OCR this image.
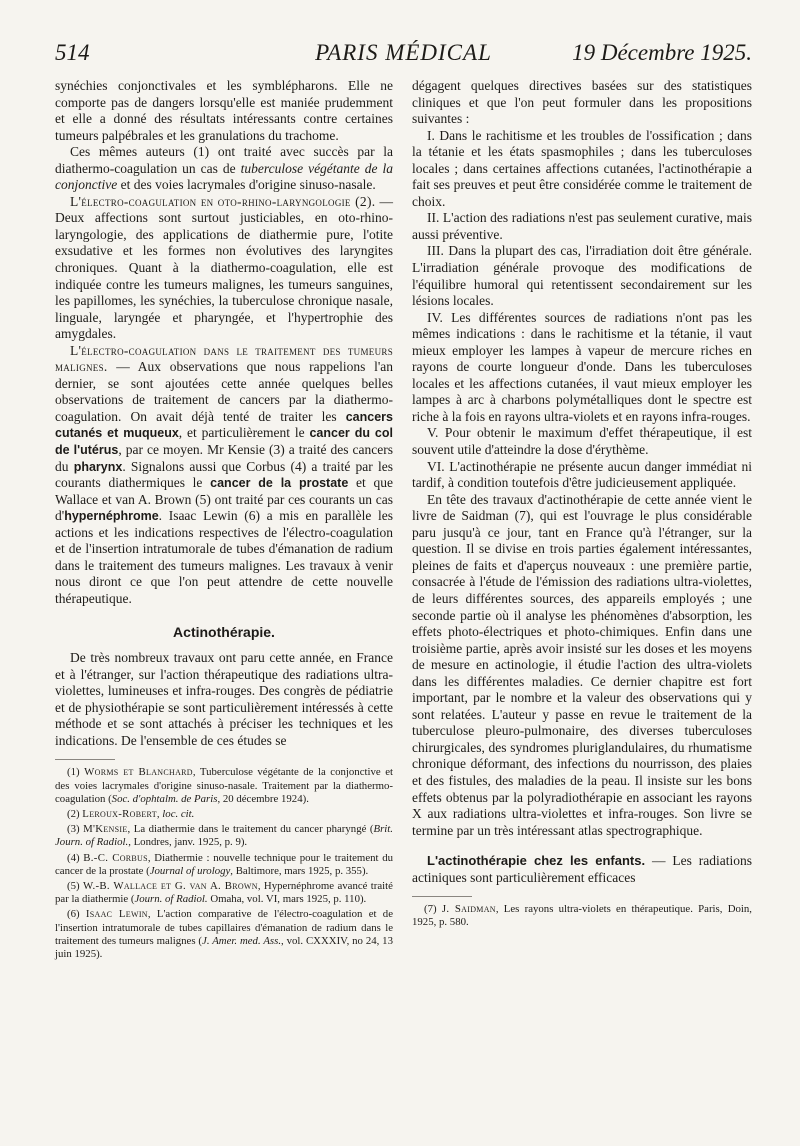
514	PARIS MÉDICAL	19 Décembre 1925.

synéchies conjonctivales et les symblépharons. Elle ne comporte pas de dangers lorsqu'elle est maniée prudemment et elle a donné des résultats intéressants contre certaines tumeurs palpébrales et les granulations du trachome.

Ces mêmes auteurs (1) ont traité avec succès par la diathermo-coagulation un cas de tuberculose végétante de la conjonctive et des voies lacrymales d'origine sinuso-nasale.

L'électro-coagulation en oto-rhino-laryngologie (2). — Deux affections sont surtout justiciables, en oto-rhino-laryngologie, des applications de diathermie pure, l'otite exsudative et les formes non évolutives des laryngites chroniques. Quant à la diathermo-coagulation, elle est indiquée contre les tumeurs malignes, les tumeurs sanguines, les papillomes, les synéchies, la tuberculose chronique nasale, linguale, laryngée et pharyngée, et l'hypertrophie des amygdales.

L'électro-coagulation dans le traitement des tumeurs malignes. — Aux observations que nous rappelions l'an dernier, se sont ajoutées cette année quelques belles observations de traitement de cancers par la diathermo-coagulation. On avait déjà tenté de traiter les cancers cutanés et muqueux, et particulièrement le cancer du col de l'utérus, par ce moyen. Mr Kensie (3) a traité des cancers du pharynx. Signalons aussi que Corbus (4) a traité par les courants diathermiques le cancer de la prostate et que Wallace et van A. Brown (5) ont traité par ces courants un cas d'hypernéphrome. Isaac Lewin (6) a mis en parallèle les actions et les indications respectives de l'électro-coagulation et de l'insertion intratumorale de tubes d'émanation de radium dans le traitement des tumeurs malignes. Les travaux à venir nous diront ce que l'on peut attendre de cette nouvelle thérapeutique.

Actinothérapie.

De très nombreux travaux ont paru cette année, en France et à l'étranger, sur l'action thérapeutique des radiations ultra-violettes, lumineuses et infra-rouges. Des congrès de pédiatrie et de physiothérapie se sont particulièrement intéressés à cette méthode et se sont attachés à préciser les techniques et les indications. De l'ensemble de ces études se

(1) Worms et Blanchard, Tuberculose végétante de la conjonctive et des voies lacrymales d'origine sinuso-nasale. Traitement par la diathermo-coagulation (Soc. d'ophtalm. de Paris, 20 décembre 1924).

(2) Leroux-Robert, loc. cit.

(3) M'Kensie, La diathermie dans le traitement du cancer pharyngé (Brit. Journ. of Radiol., Londres, janv. 1925, p. 9).

(4) B.-C. Corbus, Diathermie : nouvelle technique pour le traitement du cancer de la prostate (Journal of urology, Baltimore, mars 1925, p. 355).

(5) W.-B. Wallace et G. van A. Brown, Hypernéphrome avancé traité par la diathermie (Journ. of Radiol. Omaha, vol. VI, mars 1925, p. 110).

(6) Isaac Lewin, L'action comparative de l'électro-coagulation et de l'insertion intratumorale de tubes capillaires d'émanation de radium dans le traitement des tumeurs malignes (J. Amer. med. Ass., vol. CXXXIV, no 24, 13 juin 1925).

dégagent quelques directives basées sur des statistiques cliniques et que l'on peut formuler dans les propositions suivantes :

I. Dans le rachitisme et les troubles de l'ossification ; dans la tétanie et les états spasmophiles ; dans les tuberculoses locales ; dans certaines affections cutanées, l'actinothérapie a fait ses preuves et peut être considérée comme le traitement de choix.

II. L'action des radiations n'est pas seulement curative, mais aussi préventive.

III. Dans la plupart des cas, l'irradiation doit être générale. L'irradiation générale provoque des modifications de l'équilibre humoral qui retentissent secondairement sur les lésions locales.

IV. Les différentes sources de radiations n'ont pas les mêmes indications : dans le rachitisme et la tétanie, il vaut mieux employer les lampes à vapeur de mercure riches en rayons de courte longueur d'onde. Dans les tuberculoses locales et les affections cutanées, il vaut mieux employer les lampes à arc à charbons polymétalliques dont le spectre est riche à la fois en rayons ultra-violets et en rayons infra-rouges.

V. Pour obtenir le maximum d'effet thérapeutique, il est souvent utile d'atteindre la dose d'érythème.

VI. L'actinothérapie ne présente aucun danger immédiat ni tardif, à condition toutefois d'être judicieusement appliquée.

En tête des travaux d'actinothérapie de cette année vient le livre de Saidman (7), qui est l'ouvrage le plus considérable paru jusqu'à ce jour, tant en France qu'à l'étranger, sur la question. Il se divise en trois parties également intéressantes, pleines de faits et d'aperçus nouveaux : une première partie, consacrée à l'étude de l'émission des radiations ultra-violettes, de leurs différentes sources, des appareils employés ; une seconde partie où il analyse les phénomènes d'absorption, les effets photo-électriques et photo-chimiques. Enfin dans une troisième partie, après avoir insisté sur les doses et les moyens de mesure en actinologie, il étudie l'action des ultra-violets dans les différentes maladies. Ce dernier chapitre est fort important, par le nombre et la valeur des observations qui y sont relatées. L'auteur y passe en revue le traitement de la tuberculose pleuro-pulmonaire, des diverses tuberculoses chirurgicales, des syndromes pluriglandulaires, du rhumatisme chronique déformant, des infections du nourrisson, des plaies et des fistules, des maladies de la peau. Il insiste sur les bons effets obtenus par la polyradiothérapie en associant les rayons X aux radiations ultra-violettes et infra-rouges. Son livre se termine par un très intéressant atlas spectrographique.

L'actinothérapie chez les enfants. — Les radiations actiniques sont particulièrement efficaces

(7) J. Saidman, Les rayons ultra-violets en thérapeutique. Paris, Doin, 1925, p. 580.
